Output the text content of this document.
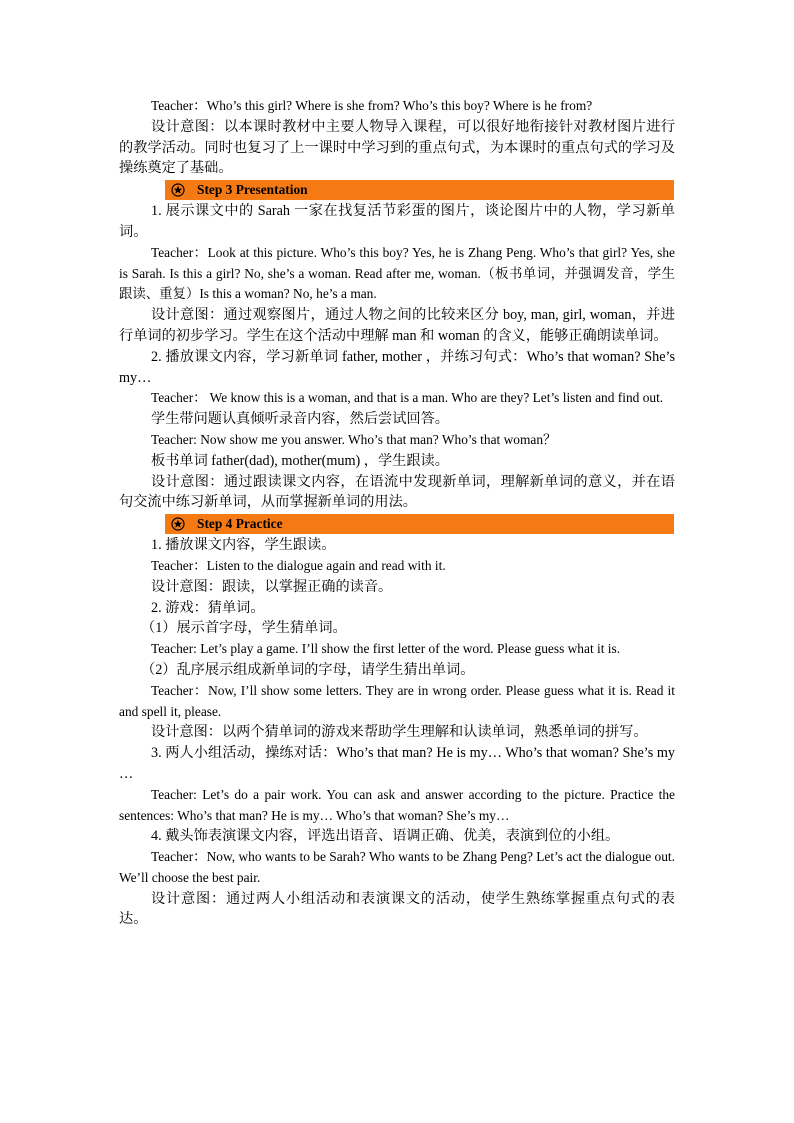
Teacher：Who’s this girl? Where is she from? Who’s this boy? Where is he from?

设计意图：以本课时教材中主要人物导入课程，可以很好地衔接针对教材图片进行的教学活动。同时也复习了上一课时中学习到的重点句式，为本课时的重点句式的学习及操练奠定了基础。

Step 3 Presentation

1. 展示课文中的 Sarah 一家在找复活节彩蛋的图片，谈论图片中的人物，学习新单词。

Teacher：Look at this picture. Who’s this boy? Yes, he is Zhang Peng. Who’s that girl? Yes, she is Sarah. Is this a girl? No, she’s a woman. Read after me, woman.（板书单词，并强调发音，学生跟读、重复）Is this a woman? No, he’s a man.

设计意图：通过观察图片，通过人物之间的比较来区分 boy, man, girl, woman，并进行单词的初步学习。学生在这个活动中理解 man 和 woman 的含义，能够正确朗读单词。

2. 播放课文内容，学习新单词 father, mother ，并练习句式：Who’s that woman? She’s my…

Teacher： We know this is a woman, and that is a man. Who are they? Let’s listen and find out.

学生带问题认真倾听录音内容，然后尝试回答。

Teacher: Now show me you answer. Who’s that man? Who’s that woman？

板书单词 father(dad), mother(mum) ，学生跟读。

设计意图：通过跟读课文内容，在语流中发现新单词，理解新单词的意义，并在语句交流中练习新单词，从而掌握新单词的用法。

Step 4 Practice

1. 播放课文内容，学生跟读。

Teacher：Listen to the dialogue again and read with it.

设计意图：跟读，以掌握正确的读音。

2. 游戏：猜单词。

（1）展示首字母，学生猜单词。

Teacher: Let’s play a game. I’ll show the first letter of the word. Please guess what it is.

（2）乱序展示组成新单词的字母，请学生猜出单词。

Teacher：Now, I’ll show some letters. They are in wrong order. Please guess what it is. Read it and spell it, please.

设计意图：以两个猜单词的游戏来帮助学生理解和认读单词，熟悉单词的拼写。

3. 两人小组活动，操练对话：Who’s that man? He is my… Who’s that woman? She’s my …

Teacher: Let’s do a pair work. You can ask and answer according to the picture. Practice the sentences: Who’s that man? He is my… Who’s that woman? She’s my…

4. 戴头饰表演课文内容，评选出语音、语调正确、优美，表演到位的小组。

Teacher：Now, who wants to be Sarah? Who wants to be Zhang Peng? Let’s act the dialogue out. We’ll choose the best pair.

设计意图：通过两人小组活动和表演课文的活动，使学生熟练掌握重点句式的表达。
